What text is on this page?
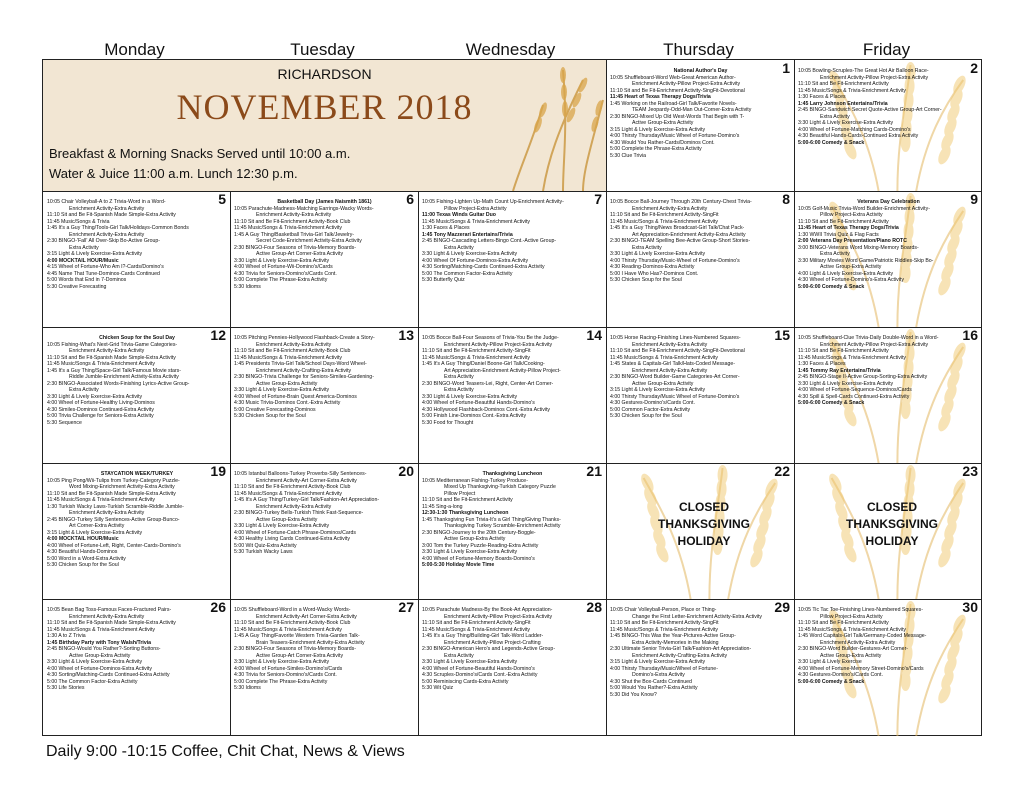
Monday	Tuesday	Wednesday	Thursday	Friday
RICHARDSON
NOVEMBER 2018
Breakfast & Morning Snacks Served until 10:00 a.m.
Water & Juice 11:00 a.m. Lunch 12:30 p.m.
1
National Author's Day
10:05 Shuffleboard-Word Web-Great American Author-
Enrichment Activity-Pillow Project-Extra Activity
11:10 Sit and Be Fit-Enrichment Activity-SingFit-Devotional
11:45 Heart of Texas Therapy Dogs/Trivia
1:45 Working on the Railroad-Girl Talk/Favorite Novels-
TEAM Jeopardy-Odd-Man Out-Corner-Extra Activity
2:30 BINGO-Mixed Up Old West-Words That Begin with T-
Active Group-Extra Activity
3:15 Light & Lively Exercise-Extra Activity
4:00 Thirsty Thursday/Music Wheel of Fortune-Domino's
4:30 Would You Rather-Cards/Dominos Cont.
5:00 Complete the Phrase-Extra Activity
5:30 Clue Trivia
2
10:05 Bowling-Scruples-The Great Hot Air Balloon Race-
Enrichment Activity-Pillow Project-Extra Activity
11:10 Sit and Be Fit-Enrichment Activity
11:45 Music/Songs & Trivia-Enrichment Activity
1:30 Faces & Places
1:45 Larry Johnson Entertains/Trivia
2:45 BINGO-Sandwich Secret Quote-Active Group-Art Corner-
Extra Activity
3:30 Light & Lively Exercise-Extra Activity
4:00 Wheel of Fortune-Matching Cards-Domino's
4:30 Beautiful Hands-Cards-Continued Extra Activity
5:00-6:00 Comedy & Snack
5
10:05 Chair Volleyball-A to Z Trivia-Word in a Word-
Enrichment Activity-Extra Activity
11:10 Sit and Be Fit-Spanish Made Simple-Extra Activity
11:45 Music/Songs & Trivia
1:45 It's a Guy Thing/Tools-Girl Talk/Holidays-Common Bonds
Enrichment Activity-Extra Activity
2:30 BINGO-'Fall' All Over-Skip Bo-Active Group-
Extra Activity
3:15 Light & Lively Exercise-Extra Activity
4:00 MOCKTAIL HOUR/Music
4:15 Wheel of Fortune-Who Am I?-Cards/Domino's
4:45 Name That Tune-Dominos-Cards Continued
5:00 Words that End in 7-Dominos
5:30 Creative Forecasting
6
Basketball Day (James Naismith 1861)
10:05 Parachute-Madness-Matching Earrings-Wacky Words-
Enrichment Activity-Extra Activity
11:10 Sit and Be Fit-Enrichment Activity-Book Club
11:45 Music/Songs & Trivia-Enrichment Activity
1:45 A Guy Thing/Basketball Trivia-Girl Talk/Jewelry-
Secret Code-Enrichment Activity-Extra Activity
2:30 BINGO-Four Seasons of Trivia-Memory Boards-
Active Group-Art Corner-Extra Activity
3:30 Light & Lively Exercise-Extra Activity
4:00 Wheel of Fortune-Wii-Domino's/Cards
4:30 Trivia for Seniors-Domino's/Cards Cont.
5:00 Complete The Phrase-Extra Activity
5:30 Idioms
7
10:05 Fishing-Lighten Up-Math Count Up-Enrichment Activity-
Pillow Project-Extra Activity
11:00 Texas Winds Guitar Duo
11:45 Music/Songs & Trivia-Enrichment Activity
1:30 Faces & Places
1:45 Tony Mazzerari Entertains/Trivia
2:45 BINGO-Cascading Letters-Bingo Cont.-Active Group-
Extra Activity
3:30 Light & Lively Exercise-Extra Activity
4:00 Wheel Of Fortune-Dominos-Extra Activity
4:30 Sorting/Matching-Cards Continued-Extra Activity
5:00 The Common Factor-Extra Activity
5:30 Butterfly Quiz
8
10:05 Bocce Ball-Journey Through 20th Century-Chest Trivia-
Enrichment Activity-Extra Activity
11:10 Sit and Be Fit-Enrichment Activity-SingFit
11:45 Music/Songs & Trivia-Enrichment Activity
1:45 It's a Guy Thing/News Broadcast-Girl Talk/Chat Pack-
Art Appreciation-Enrichment Activity-Extra Activity
2:30 BINGO-TEAM Spelling Bee-Active Group-Short Stories-
Extra Activity
3:30 Light & Lively Exercise-Extra Activity
4:00 Thirsty Thursday/Music-Wheel of Fortune-Domino's
4:30 Reading-Dominos-Extra Activity
5:00 I Have Who Has?-Dominos Cont.
5:30 Chicken Soup for the Soul
9
Veterans Day Celebration
10:05 Golf-Music Trivia-Word Builder-Enrichment Activity-
Pillow Project-Extra Activity
11:10 Sit and Be Fit-Enrichment Activity
11:45 Heart of Texas Therapy Dogs/Trivia
1:30 WWII Trivia Quiz & Flag Facts
2:00 Veterans Day Presentation/Piano ROTC
3:00 BINGO-Veterans Word Mixing-Memory Boards-
Extra Activity
3:30 Military Movies Word Game/Patriotic Riddles-Skip Bo-
Active Group-Extra Activity
4:00 Light & Lively Exercise-Extra Activity
4:30 Wheel of Fortune-Domino's-Extra Activity
5:00-6:00 Comedy & Snack
12
Chicken Soup for the Soul Day
10:05 Fishing-What's Next-Grid Trivia-Game Categories-
Enrichment Activity-Extra Activity
11:10 Sit and Be Fit-Spanish Made Simple-Extra Activity
11:45 Music/Songs & Trivia-Enrichment Activity
1:45 It's a Guy Thing/Space-Girl Talk/Famous Movie stars-
Riddle Jumble-Enrichment Activity-Extra Activity
2:30 BINGO-Associated Words-Finishing Lyrics-Active Group-
Extra Activity
3:30 Light & Lively Exercise-Extra Activity
4:00 Wheel of Fortune-Healthy Living-Dominos
4:30 Similes-Dominos Continued-Extra Activity
5:00 Trivia Challenge for Seniors-Extra Activity
5:30 Sequence
13
10:05 Pitching Pennies-Hollywood Flashback-Create a Story-
Enrichment Activity-Extra Activity
11:10 Sit and Be Fit-Enrichment Activity-Book Club
11:45 Music/Songs & Trivia-Enrichment Activity
1:45 Presidents Trivia-Girl Talk/School Days-Word Wheel-
Enrichment Activity-Crafting-Extra Activity
2:30 BINGO-Trivia Challenge for Seniors-Similes-Gardening-
Active Group-Extra Activity
3:30 Light & Lively Exercise-Extra Activity
4:00 Wheel of Fortune-Brain Quest America-Dominos
4:30 Music Trivia-Dominos Cont.-Extra Activity
5:00 Creative Forecasting-Dominos
5:30 Chicken Soup for the Soul
14
10:05 Bocce Ball-Four Seasons of Trivia-You Be the Judge-
Enrichment Activity-Pillow Project-Extra Activity
11:10 Sit and Be Fit-Enrichment Activity-SingFit
11:45 Music/Songs & Trivia-Enrichment Activity
1:45 It's A Guy Thing/Daniel Boone-Girl Talk/Cooking-
Art Appreciation-Enrichment Activity-Pillow Project-
Extra Activity
2:30 BINGO-Word Teasers-Lei, Right, Center-Art Corner-
Extra Activity
3:30 Light & Lively Exercise-Extra Activity
4:00 Wheel of Fortune-Beautiful Hands-Domino's
4:30 Hollywood Flashback-Dominos Cont.-Extra Activity
5:00 Finish Line-Dominos Cont.-Extra Activity
5:30 Food for Thought
15
10:05 Horse Racing-Finishing Lines-Numbered Squares-
Enrichment Activity-Extra Activity
11:10 Sit and Be Fit-Enrichment Activity-SingFit-Devotional
11:45 Music/Songs & Trivia-Enrichment Activity
1:45 States & Capitals-Girl Talk/Hats-Coded Message-
Enrichment Activity-Extra Activity
2:30 BINGO-Word Builder-Game Categories-Art Corner-
Active Group-Extra Activity
3:15 Light & Lively Exercise-Extra Activity
4:00 Thirsty Thursday/Music Wheel of Fortune-Domino's
4:30 Gestures-Domino's/Cards Cont.
5:00 Common Factor-Extra Activity
5:30 Chicken Soup for the Soul
16
10:05 Shuffleboard-Clue Trivia-Daily Double-Word in a Word-
Enrichment Activity-Pillow Project-Extra Activity
11:10 Sit and Be Fit-Enrichment Activity
11:45 Music/Songs & Trivia-Enrichment Activity
1:30 Faces & Places
1:45 Tommy Ray Entertains/Trivia
2:45 BINGO-Stage II-Active Group-Sorting-Extra Activity
3:30 Light & Lively Exercise-Extra Activity
4:00 Wheel of Fortune-Sequence-Dominos/Cards
4:30 Spill & Spell-Cards Continued-Extra Activity
5:00-6:00 Comedy & Snack
19
STAYCATION WEEK/TURKEY
10:05 Ping Pong/Wii-Tulips from Turkey-Category Puzzle-
Word Mixing-Enrichment Activity-Extra Activity
11:10 Sit and Be Fit-Spanish Made Simple-Extra Activity
11:45 Music/Songs & Trivia-Enrichment Activity
1:30 Turkish Wacky Laws-Turkish Scramble-Riddle Jumble-
Enrichment Activity-Extra Activity
2:45 BINGO-Turkey Silly Sentences-Active Group-Bunco-
Art Corner-Extra Activity
3:15 Light & Lively Exercise-Extra Activity
4:00 MOCKTAIL HOUR/Music
4:00 Wheel of Fortune-Left, Right, Center-Cards-Domino's
4:30 Beautiful Hands-Dominos
5:00 Word in a Word-Extra Activity
5:30 Chicken Soup for the Soul
20
10:05 Istanbul Balloons-Turkey Proverbs-Silly Sentences-
Enrichment Activity-Art Corner-Extra Activity
11:10 Sit and Be Fit-Enrichment Activity-Book Club
11:45 Music/Songs & Trivia-Enrichment Activity
1:45 It's A Guy Thing/Turkey-Girl Talk/Fashion-Art Appreciation-
Enrichment Activity-Extra Activity
2:30 BINGO-Turkey Bells-Turkish Think Fast-Sequence-
Active Group-Extra Activity
3:30 Light & Lively Exercise-Extra Activity
4:00 Wheel of Fortune-Catch Phrase-Dominos/Cards
4:30 Healthy Living Cards Continued-Extra Activity
5:00 Wit Quiz-Extra Activity
5:30 Turkish Wacky Laws
21
Thanksgiving Luncheon
10:05 Mediterranean Fishing-Turkey Produce-
Mixed Up Thanksgiving-Turkish Category Puzzle
Pillow Project
11:10 Sit and Be Fit-Enrichment Activity
11:45 Sing-a-long
12:30-1:30 Thanksgiving Luncheon
1:45 Thanksgiving Fun Trivia-It's a Girl Thing/Giving Thanks-
Thanksgiving Turkey Scramble-Enrichment Activity
2:30 BINGO-Journey to the 20th Century-Boggle-
Active Group-Extra Activity
3:00 Tom the Turkey Puzzle-Reading-Extra Activity
3:30 Light & Lively Exercise-Extra Activity
4:00 Wheel of Fortune-Memory Boards-Domino's
5:00-5:30 Holiday Movie Time
22
CLOSED
THANKSGIVING
HOLIDAY
23
CLOSED
THANKSGIVING
HOLIDAY
26
10:05 Bean Bag Toss-Famous Faces-Fractured Pairs-
Enrichment Activity-Extra Activity
11:10 Sit and Be Fit-Spanish Made Simple-Extra Activity
11:45 Music/Songs & Trivia-Enrichment Activity
1:30 A to Z Trivia
1:45 Birthday Party with Tony Walsh/Trivia
2:45 BINGO-Would You Rather?-Sorting Buttons-
Active Group-Extra Activity
3:30 Light & Lively Exercise-Extra Activity
4:00 Wheel of Fortune-Dominos-Extra Activity
4:30 Sorting/Matching-Cards Continued-Extra Activity
5:00 The Common Factor-Extra Activity
5:30 Life Stories
27
10:05 Shuffleboard-Word in a Word-Wacky Words-
Enrichment Activity-Art Corner-Extra Activity
11:10 Sit and Be Fit-Enrichment Activity-Book Club
11:45 Music/Songs & Trivia-Enrichment Activity
1:45 A Guy Thing/Favorite Western Trivia-Garden Talk-
Brain Teasers-Enrichment Activity-Extra Activity
2:30 BINGO-Four Seasons of Trivia-Memory Boards-
Active Group-Art Corner-Extra Activity
3:30 Light & Lively Exercise-Extra Activity
4:00 Wheel of Fortune-Similes-Domino's/Cards
4:30 Trivia for Seniors-Domino's/Cards Cont.
5:00 Complete The Phrase-Extra Activity
5:30 Idioms
28
10:05 Parachute Madness-By the Book-Art Appreciation-
Enrichment Activity-Pillow Project-Extra Activity
11:10 Sit and Be Fit-Enrichment Activity-SingFit
11:45 Music/Songs & Trivia-Enrichment Activity
1:45 It's a Guy Thing/Building-Girl Talk-Word Ladder-
Enrichment Activity-Pillow Project-Crafting
2:30 BINGO-American Hero's and Legends-Active Group-
Extra Activity
3:30 Light & Lively Exercise-Extra Activity
4:00 Wheel of Fortune-Beautiful Hands-Domino's
4:30 Scruples-Domino's/Cards Cont.-Extra Activity
5:00 Reminiscing Cards-Extra Activity
5:30 Wit Quiz
29
10:05 Chair Volleyball-Person, Place or Thing-
Change the First Letter-Enrichment Activity-Extra Activity
11:10 Sit and Be Fit-Enrichment Activity-SingFit
11:45 Music/Songs & Trivia-Enrichment Activity
1:45 BINGO-This Was the Year-Pictures-Active Group-
Extra Activity-Memories in the Making
2:30 Ultimate Senior Trivia-Girl Talk/Fashion-Art Appreciation-
Enrichment Activity-Crafting-Extra Activity
3:15 Light & Lively Exercise-Extra Activity
4:00 Thirsty Thursday/Music/Wheel of Fortune-
Domino's-Extra Activity
4:30 Shut the Box-Cards Continued
5:00 Would You Rather?-Extra Activity
5:30 Did You Know?
30
10:05 Tic Tac Toe-Finishing Lines-Numbered Squares-
Pillow Project-Extra Activity
11:10 Sit and Be Fit-Enrichment Activity
11:45 Music/Songs & Trivia-Enrichment Activity
1:45 Word Capitals-Girl Talk/Germany-Coded Message-
Enrichment Activity-Extra Activity
2:30 BINGO-Word Builder-Gestures-Art Corner-
Active Group-Extra Activity
3:30 Light & Lively Exercise
4:00 Wheel of Fortune-Memory Street-Domino's/Cards
4:30 Gestures-Domino's/Cards Cont.
5:00-6:00 Comedy & Snack
Daily 9:00 -10:15 Coffee, Chit Chat, News & Views
